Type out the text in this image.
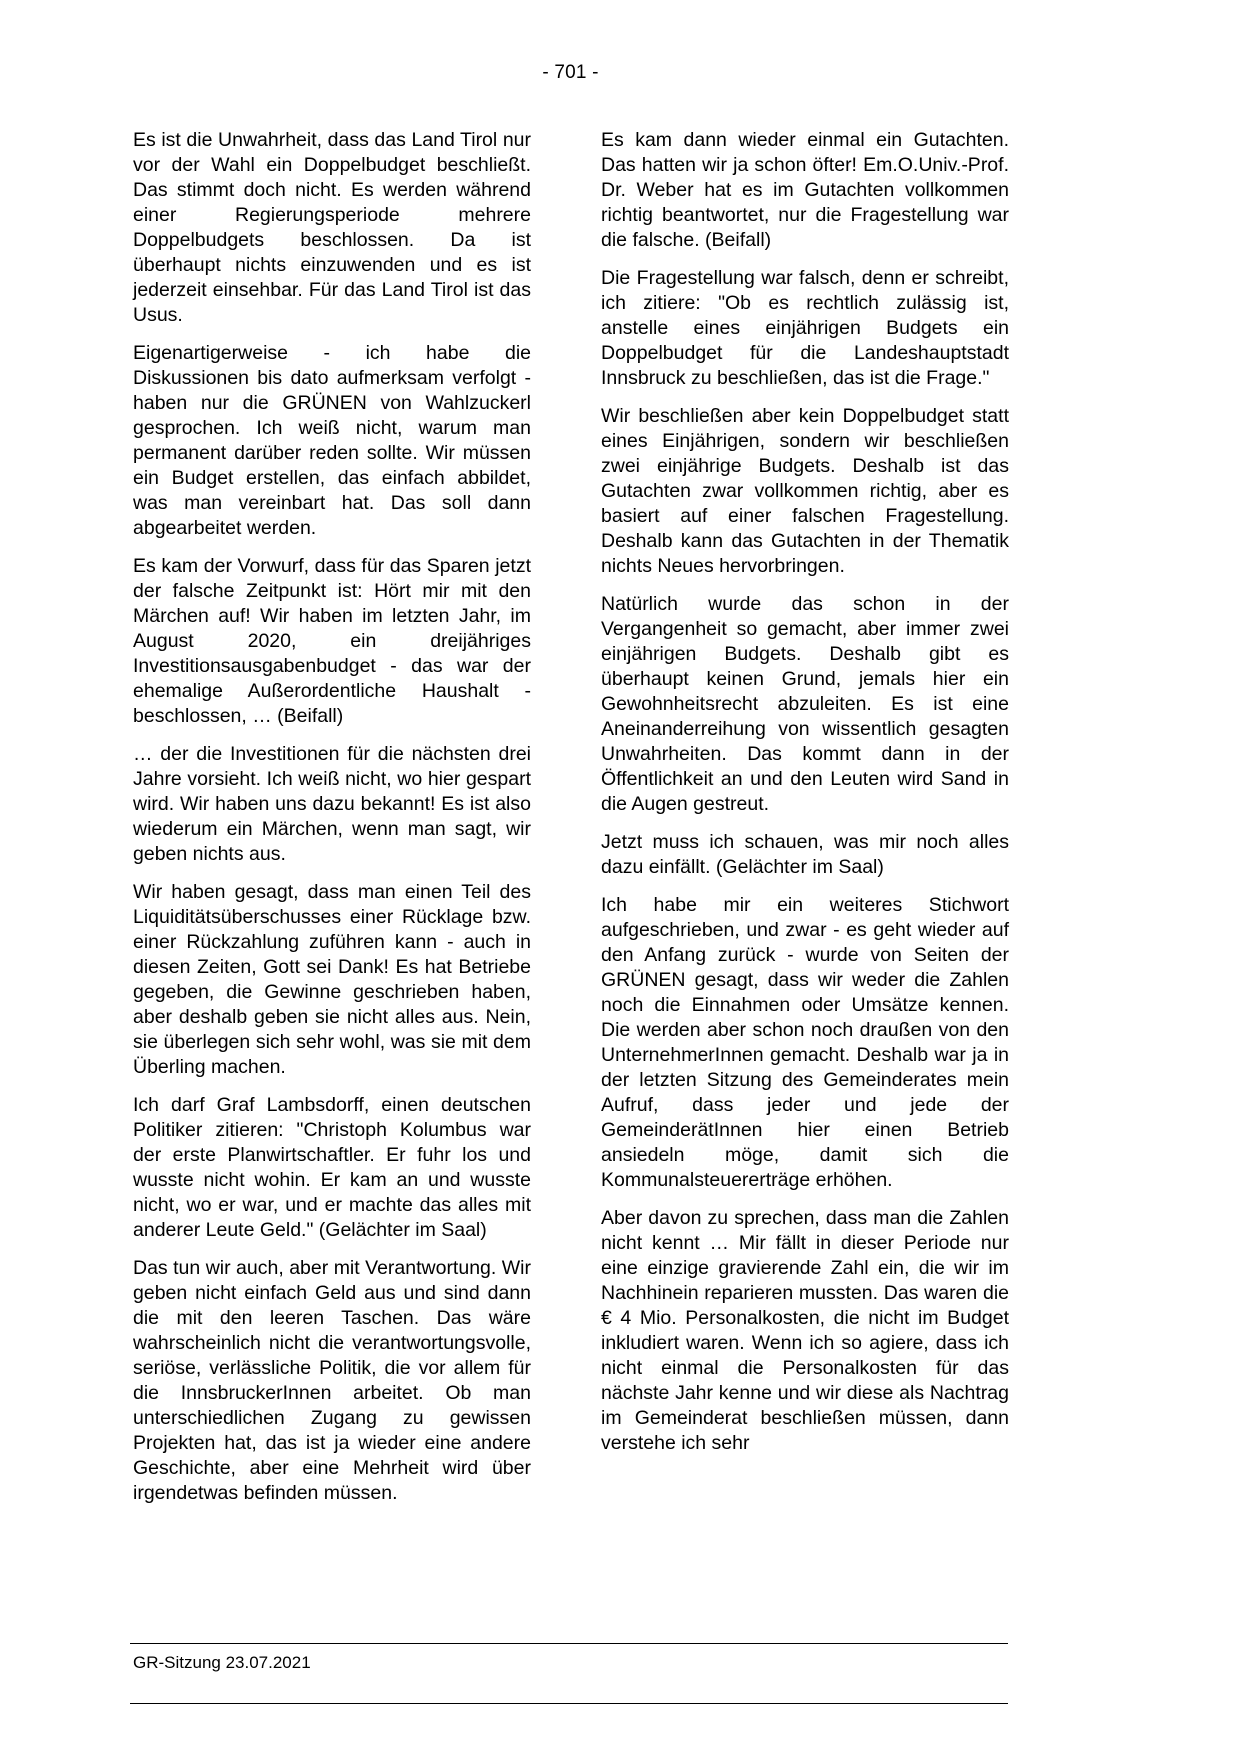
- 701 -

Es ist die Unwahrheit, dass das Land Tirol nur vor der Wahl ein Doppelbudget beschließt. Das stimmt doch nicht. Es werden während einer Regierungsperiode mehrere Doppelbudgets beschlossen. Da ist überhaupt nichts einzuwenden und es ist jederzeit einsehbar. Für das Land Tirol ist das Usus.

Eigenartigerweise - ich habe die Diskussionen bis dato aufmerksam verfolgt - haben nur die GRÜNEN von Wahlzuckerl gesprochen. Ich weiß nicht, warum man permanent darüber reden sollte. Wir müssen ein Budget erstellen, das einfach abbildet, was man vereinbart hat. Das soll dann abgearbeitet werden.

Es kam der Vorwurf, dass für das Sparen jetzt der falsche Zeitpunkt ist: Hört mir mit den Märchen auf! Wir haben im letzten Jahr, im August 2020, ein dreijähriges Investitionsausgabenbudget - das war der ehemalige Außerordentliche Haushalt - beschlossen, … (Beifall)

… der die Investitionen für die nächsten drei Jahre vorsieht. Ich weiß nicht, wo hier gespart wird. Wir haben uns dazu bekannt! Es ist also wiederum ein Märchen, wenn man sagt, wir geben nichts aus.

Wir haben gesagt, dass man einen Teil des Liquiditätsüberschusses einer Rücklage bzw. einer Rückzahlung zuführen kann - auch in diesen Zeiten, Gott sei Dank! Es hat Betriebe gegeben, die Gewinne geschrieben haben, aber deshalb geben sie nicht alles aus. Nein, sie überlegen sich sehr wohl, was sie mit dem Überling machen.

Ich darf Graf Lambsdorff, einen deutschen Politiker zitieren: "Christoph Kolumbus war der erste Planwirtschaftler. Er fuhr los und wusste nicht wohin. Er kam an und wusste nicht, wo er war, und er machte das alles mit anderer Leute Geld." (Gelächter im Saal)

Das tun wir auch, aber mit Verantwortung. Wir geben nicht einfach Geld aus und sind dann die mit den leeren Taschen. Das wäre wahrscheinlich nicht die verantwortungsvolle, seriöse, verlässliche Politik, die vor allem für die InnsbruckerInnen arbeitet. Ob man unterschiedlichen Zugang zu gewissen Projekten hat, das ist ja wieder eine andere Geschichte, aber eine Mehrheit wird über irgendetwas befinden müssen.

Es kam dann wieder einmal ein Gutachten. Das hatten wir ja schon öfter! Em.O.Univ.-Prof. Dr. Weber hat es im Gutachten vollkommen richtig beantwortet, nur die Fragestellung war die falsche. (Beifall)

Die Fragestellung war falsch, denn er schreibt, ich zitiere: "Ob es rechtlich zulässig ist, anstelle eines einjährigen Budgets ein Doppelbudget für die Landeshauptstadt Innsbruck zu beschließen, das ist die Frage."

Wir beschließen aber kein Doppelbudget statt eines Einjährigen, sondern wir beschließen zwei einjährige Budgets. Deshalb ist das Gutachten zwar vollkommen richtig, aber es basiert auf einer falschen Fragestellung. Deshalb kann das Gutachten in der Thematik nichts Neues hervorbringen.

Natürlich wurde das schon in der Vergangenheit so gemacht, aber immer zwei einjährigen Budgets. Deshalb gibt es überhaupt keinen Grund, jemals hier ein Gewohnheitsrecht abzuleiten. Es ist eine Aneinanderreihung von wissentlich gesagten Unwahrheiten. Das kommt dann in der Öffentlichkeit an und den Leuten wird Sand in die Augen gestreut.

Jetzt muss ich schauen, was mir noch alles dazu einfällt. (Gelächter im Saal)

Ich habe mir ein weiteres Stichwort aufgeschrieben, und zwar - es geht wieder auf den Anfang zurück - wurde von Seiten der GRÜNEN gesagt, dass wir weder die Zahlen noch die Einnahmen oder Umsätze kennen. Die werden aber schon noch draußen von den UnternehmerInnen gemacht. Deshalb war ja in der letzten Sitzung des Gemeinderates mein Aufruf, dass jeder und jede der GemeinderätInnen hier einen Betrieb ansiedeln möge, damit sich die Kommunalsteuererträge erhöhen.

Aber davon zu sprechen, dass man die Zahlen nicht kennt … Mir fällt in dieser Periode nur eine einzige gravierende Zahl ein, die wir im Nachhinein reparieren mussten. Das waren die € 4 Mio. Personalkosten, die nicht im Budget inkludiert waren. Wenn ich so agiere, dass ich nicht einmal die Personalkosten für das nächste Jahr kenne und wir diese als Nachtrag im Gemeinderat beschließen müssen, dann verstehe ich sehr

GR-Sitzung 23.07.2021
